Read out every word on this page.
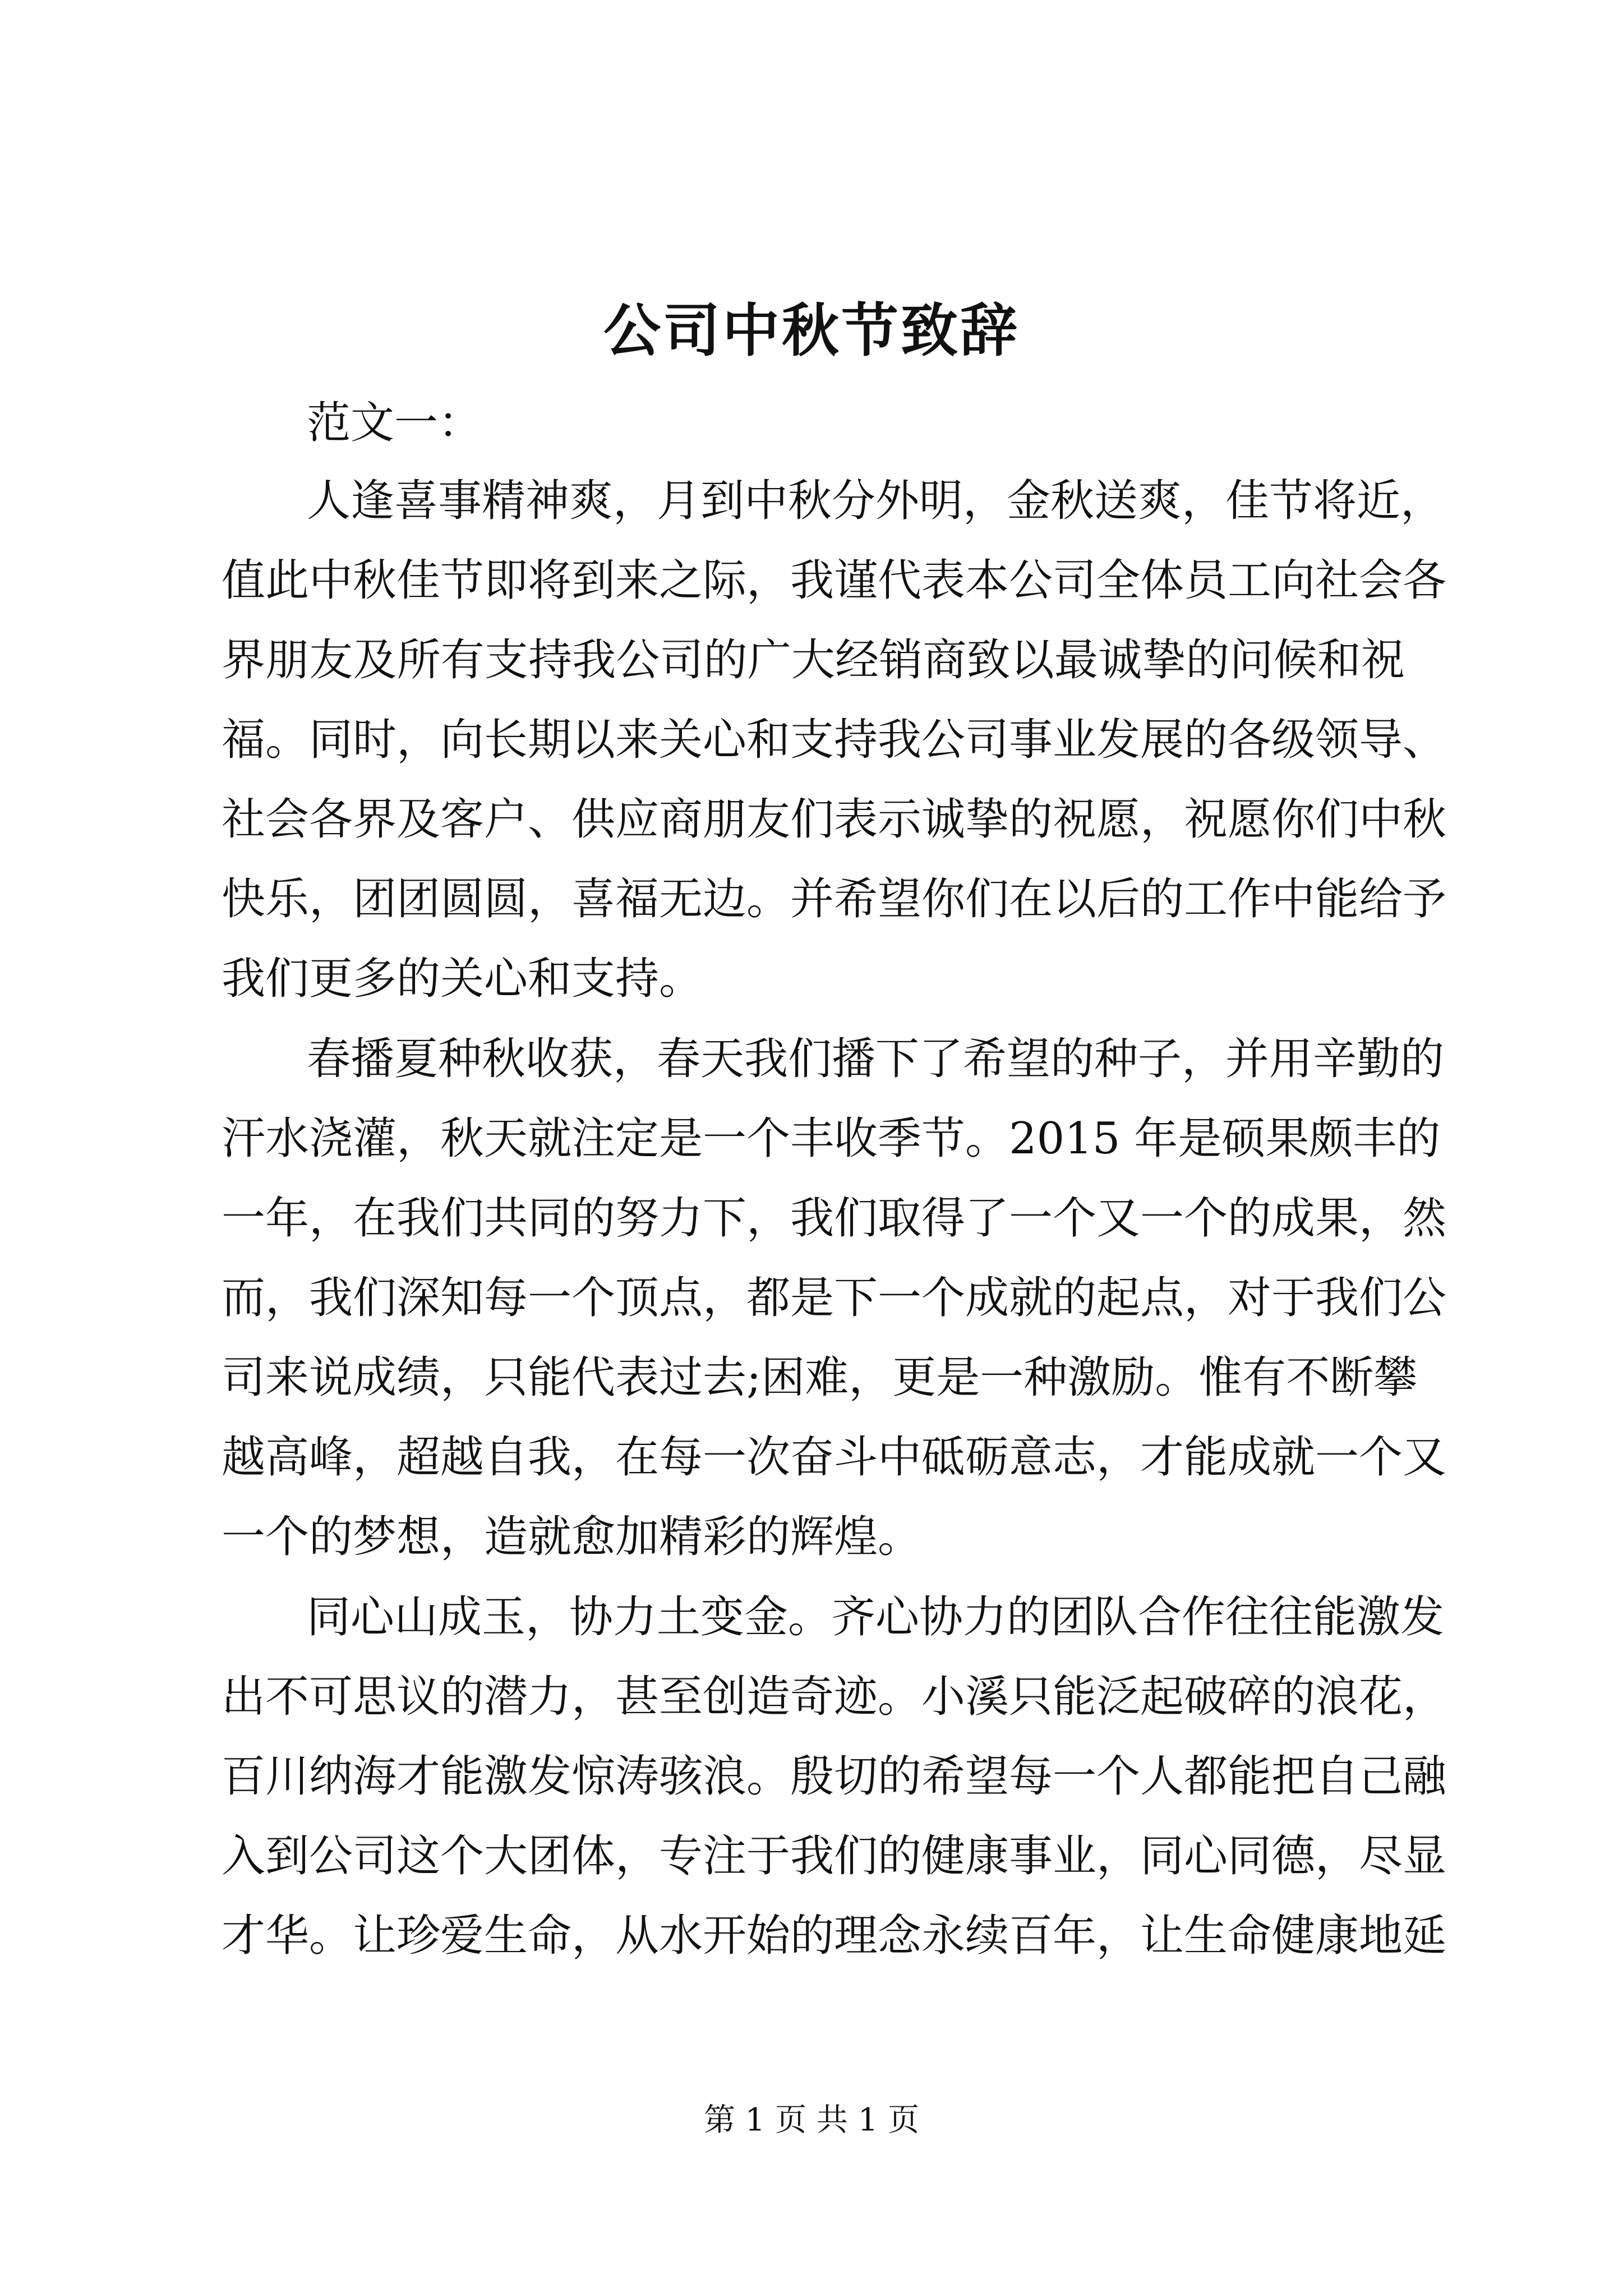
公司中秋节致辞

范文一：

人逢喜事精神爽，月到中秋分外明，金秋送爽，佳节将近，

值此中秋佳节即将到来之际，我谨代表本公司全体员工向社会各

界朋友及所有支持我公司的广大经销商致以最诚挚的问候和祝

福。同时，向长期以来关心和支持我公司事业发展的各级领导、

社会各界及客户、供应商朋友们表示诚挚的祝愿，祝愿你们中秋

快乐，团团圆圆，喜福无边。并希望你们在以后的工作中能给予

我们更多的关心和支持。

春播夏种秋收获，春天我们播下了希望的种子，并用辛勤的

汗水浇灌，秋天就注定是一个丰收季节。2015 年是硕果颇丰的

一年，在我们共同的努力下，我们取得了一个又一个的成果，然

而，我们深知每一个顶点，都是下一个成就的起点，对于我们公

司来说成绩，只能代表过去;困难，更是一种激励。惟有不断攀

越高峰，超越自我，在每一次奋斗中砥砺意志，才能成就一个又

一个的梦想，造就愈加精彩的辉煌。

同心山成玉，协力土变金。齐心协力的团队合作往往能激发

出不可思议的潜力，甚至创造奇迹。小溪只能泛起破碎的浪花，

百川纳海才能激发惊涛骇浪。殷切的希望每一个人都能把自己融

入到公司这个大团体，专注于我们的健康事业，同心同德，尽显

才华。让珍爱生命，从水开始的理念永续百年，让生命健康地延

第 1 页 共 1 页
